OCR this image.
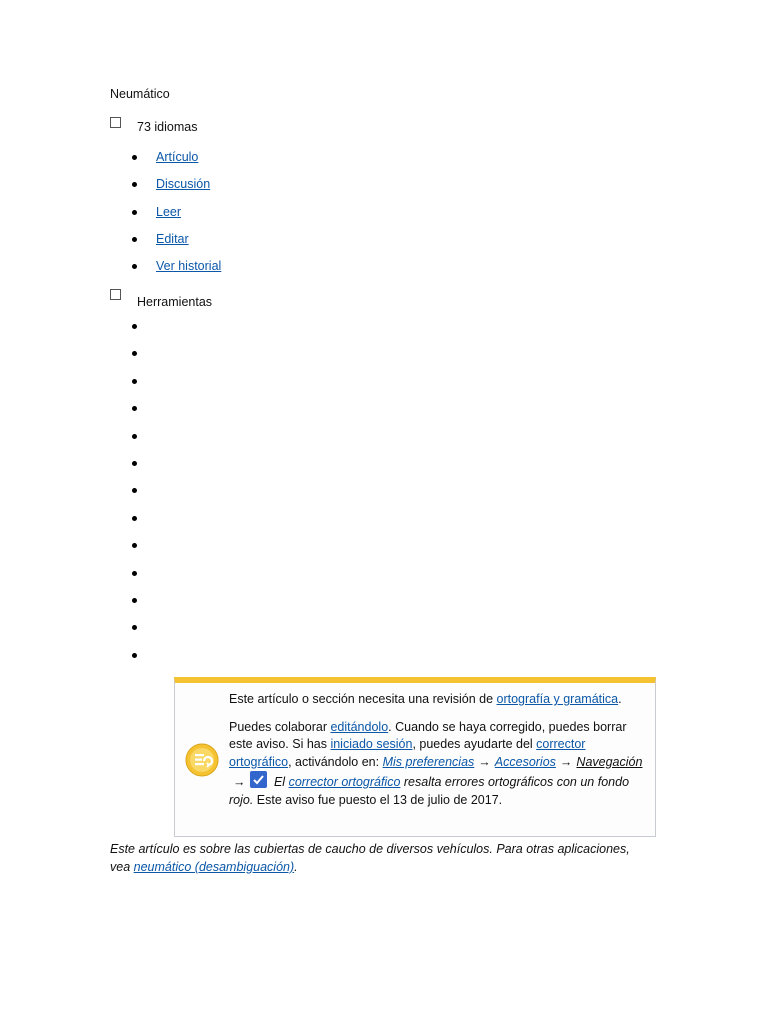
Neumático
73 idiomas
Artículo
Discusión
Leer
Editar
Ver historial
Herramientas

Este artículo o sección necesita una revisión de ortografía y gramática.

Puedes colaborar editándolo. Cuando se haya corregido, puedes borrar este aviso. Si has iniciado sesión, puedes ayudarte del corrector ortográfico, activándolo en: Mis preferencias → Accesorios → Navegación→
El corrector ortográfico resalta errores ortográficos con un fondo rojo. Este aviso fue puesto el 13 de julio de 2017.

Este artículo es sobre las cubiertas de caucho de diversos vehículos. Para otras aplicaciones, vea neumático (desambiguación).
